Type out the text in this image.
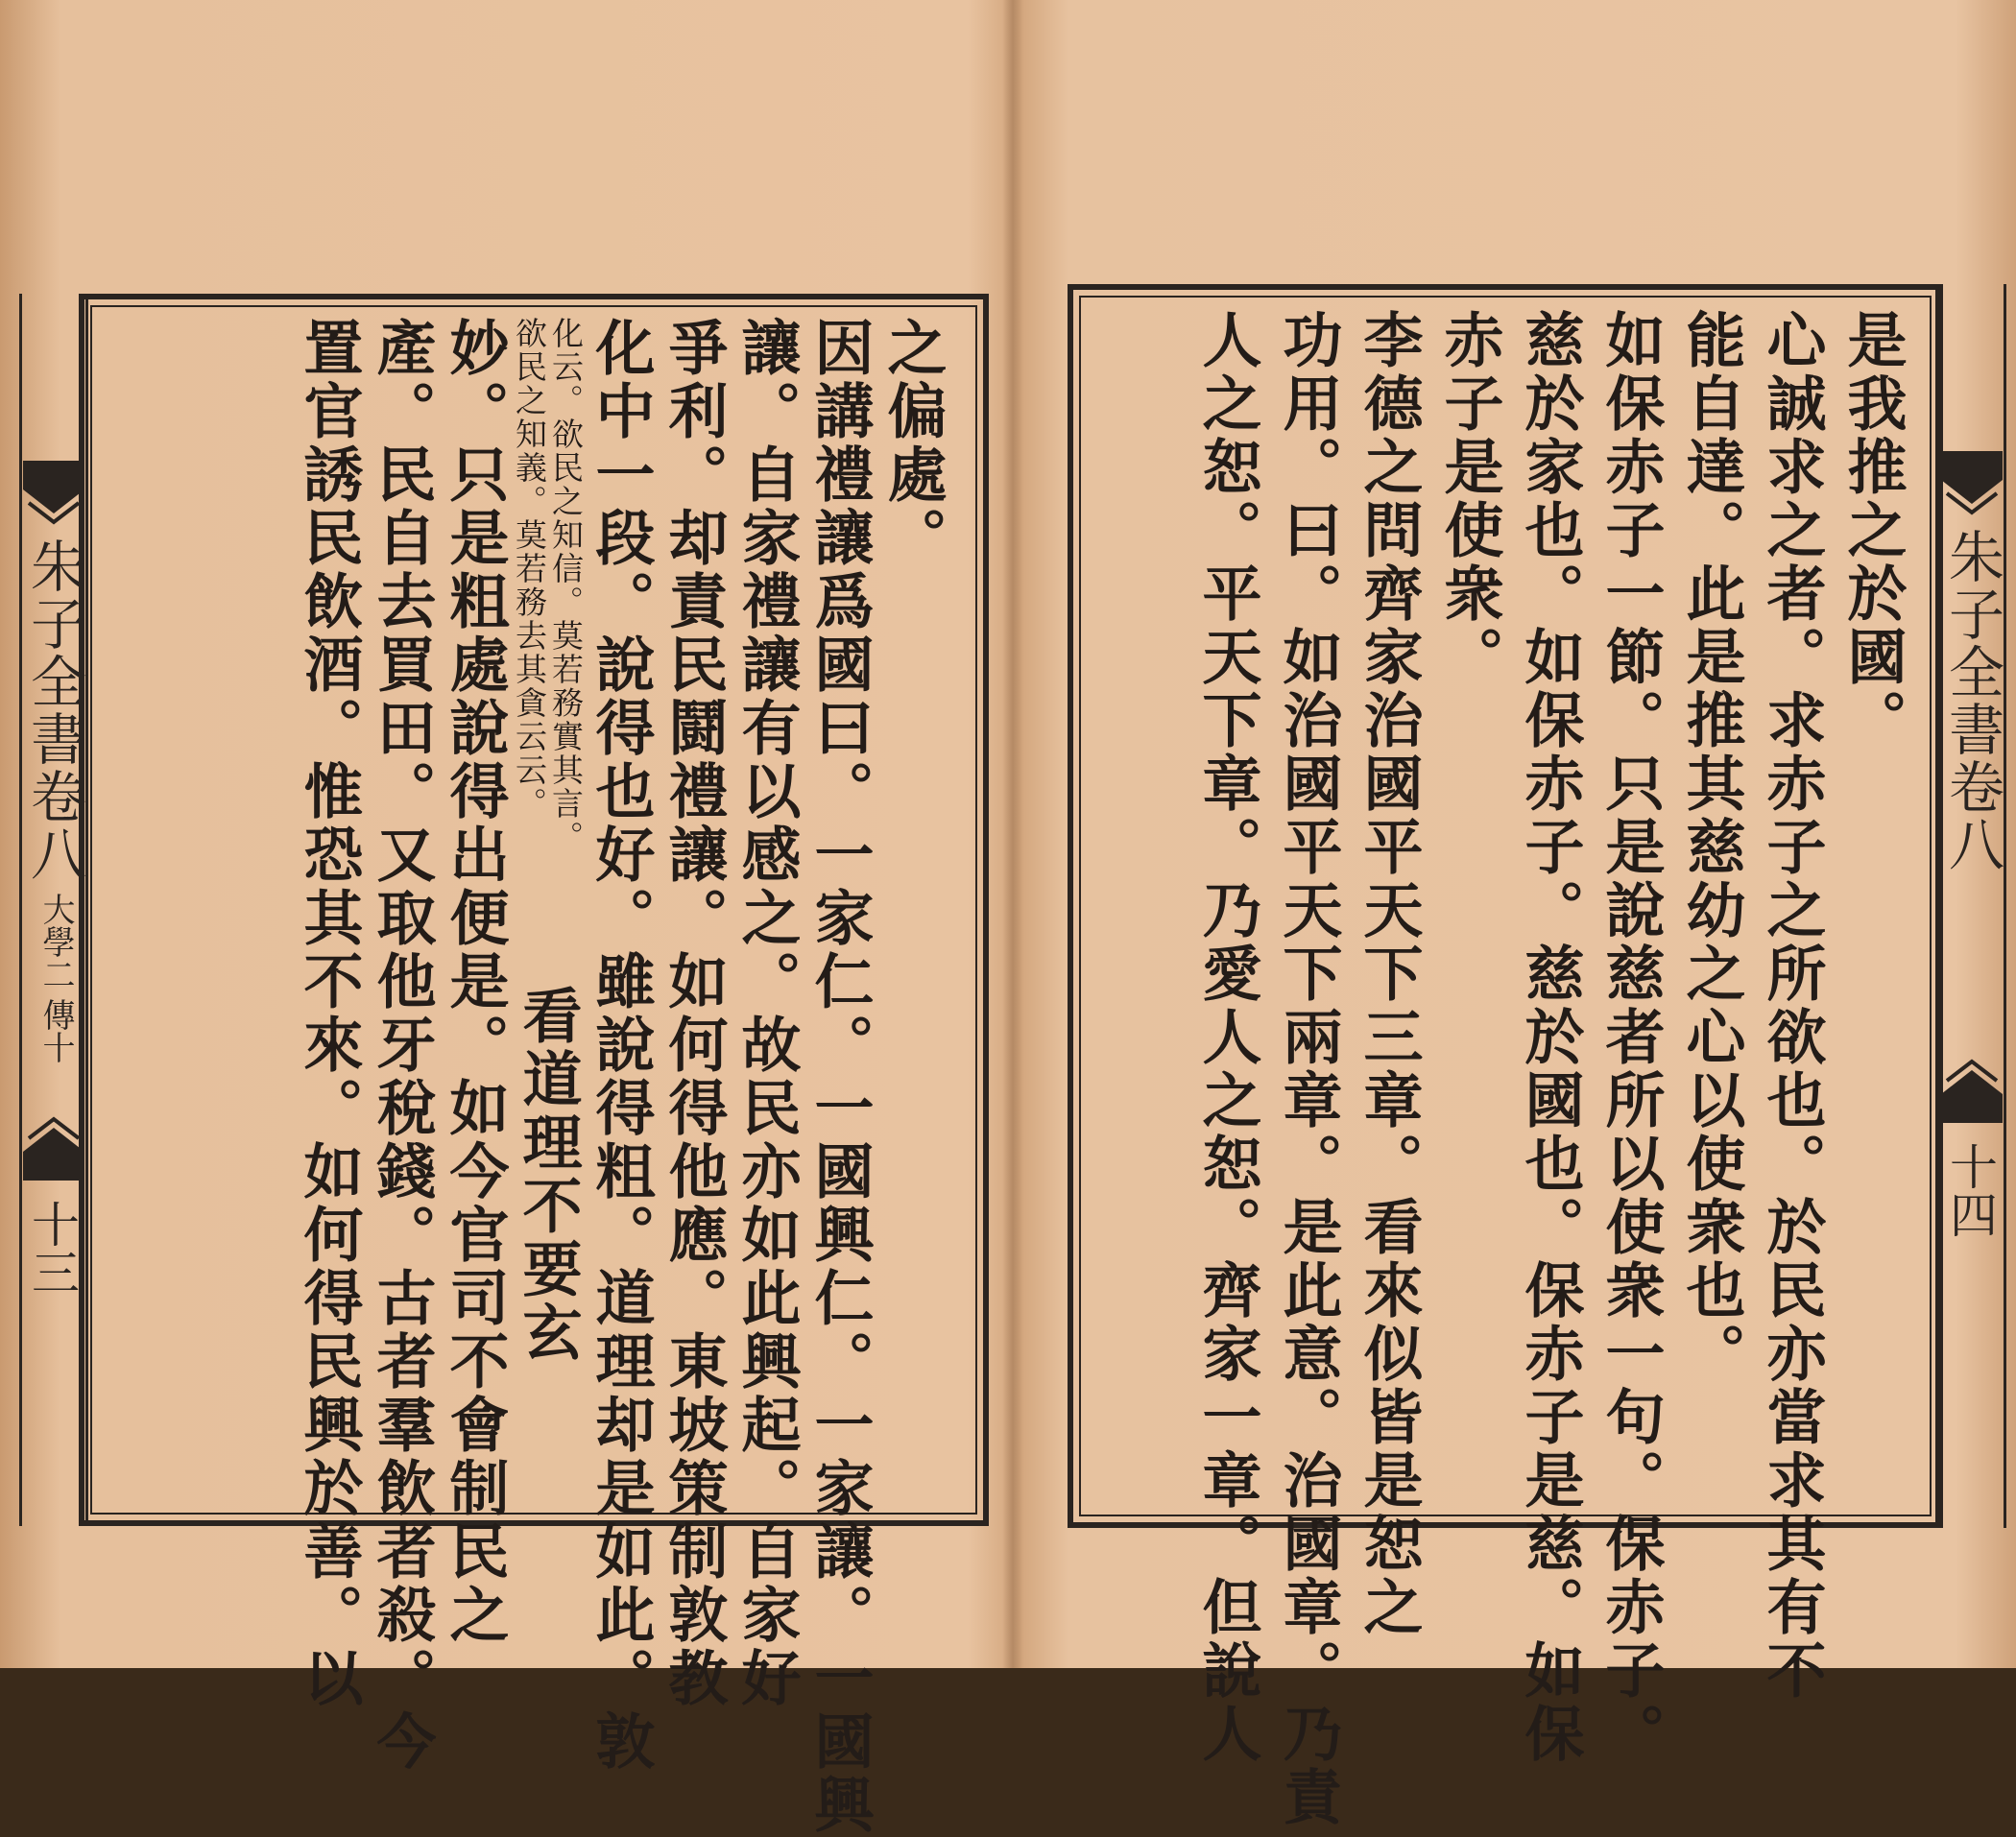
朱子全書卷八
大學二
傳十
十三
之偏處。
因講禮讓爲國曰。一家仁。一國興仁。一家讓。一國興
讓。自家禮讓有以感之。故民亦如此興起。自家好
爭利。却責民鬪禮讓。如何得他應。東坡策制敦教
化中一段。說得也好。雖說得粗。道理却是如此。敦
化云。欲民之知信。莫若務實其言。
欲民之知義。莫若務去其貪云云。
看道理不要玄
妙。只是粗處說得出便是。如今官司不會制民之
產。民自去買田。又取他牙稅錢。古者羣飲者殺。今
置官誘民飲酒。惟恐其不來。如何得民興於善。以	朱子全書卷八
十四
是我推之於國。
心誠求之者。求赤子之所欲也。於民亦當求其有不
能自達。此是推其慈幼之心以使衆也。
如保赤子一節。只是說慈者所以使衆一句。保赤子。
慈於家也。如保赤子。慈於國也。保赤子是慈。如保
赤子是使衆。
李德之問齊家治國平天下三章。看來似皆是恕之
功用。曰。如治國平天下兩章。是此意。治國章。乃責
人之恕。平天下章。乃愛人之恕。齊家一章。但說人
